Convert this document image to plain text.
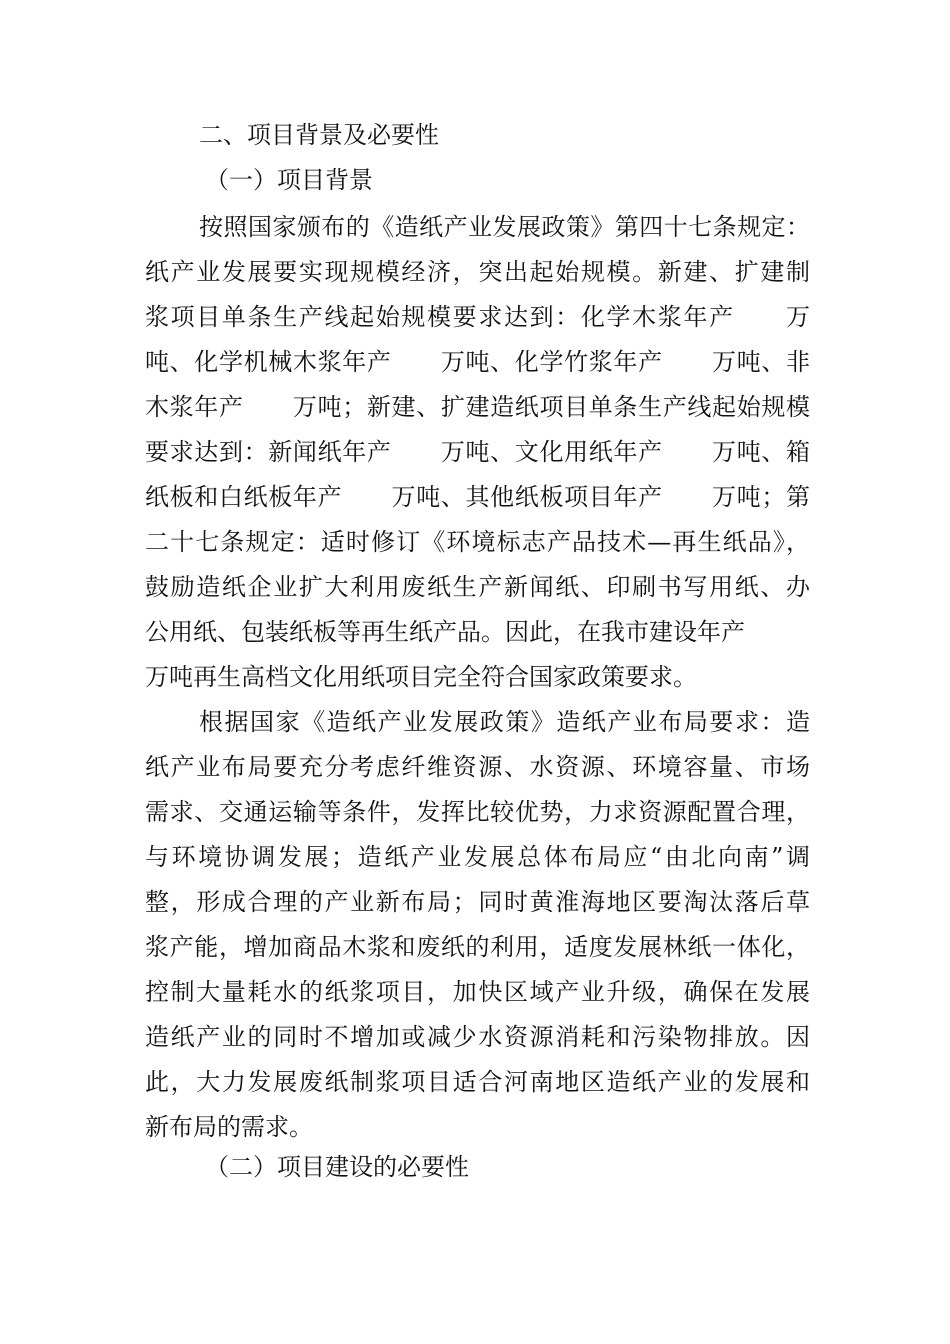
二、项目背景及必要性
（一）项目背景
按照国家颁布的《造纸产业发展政策》第四十七条规定：
纸产业发展要实现规模经济，突出起始规模。新建、扩建制
浆项目单条生产线起始规模要求达到：化学木浆年产　　万
吨、化学机械木浆年产　　万吨、化学竹浆年产　　万吨、非
木浆年产　　万吨；新建、扩建造纸项目单条生产线起始规模
要求达到：新闻纸年产　　万吨、文化用纸年产　　万吨、箱
纸板和白纸板年产　　万吨、其他纸板项目年产　　万吨；第
二十七条规定：适时修订《环境标志产品技术—再生纸品》，
鼓励造纸企业扩大利用废纸生产新闻纸、印刷书写用纸、办
公用纸、包装纸板等再生纸产品。因此，在我市建设年产
万吨再生高档文化用纸项目完全符合国家政策要求。
根据国家《造纸产业发展政策》造纸产业布局要求：造
纸产业布局要充分考虑纤维资源、水资源、环境容量、市场
需求、交通运输等条件，发挥比较优势，力求资源配置合理，
与环境协调发展；造纸产业发展总体布局应“由北向南”调
整，形成合理的产业新布局；同时黄淮海地区要淘汰落后草
浆产能，增加商品木浆和废纸的利用，适度发展林纸一体化，
控制大量耗水的纸浆项目，加快区域产业升级，确保在发展
造纸产业的同时不增加或减少水资源消耗和污染物排放。因
此，大力发展废纸制浆项目适合河南地区造纸产业的发展和
新布局的需求。
（二）项目建设的必要性
